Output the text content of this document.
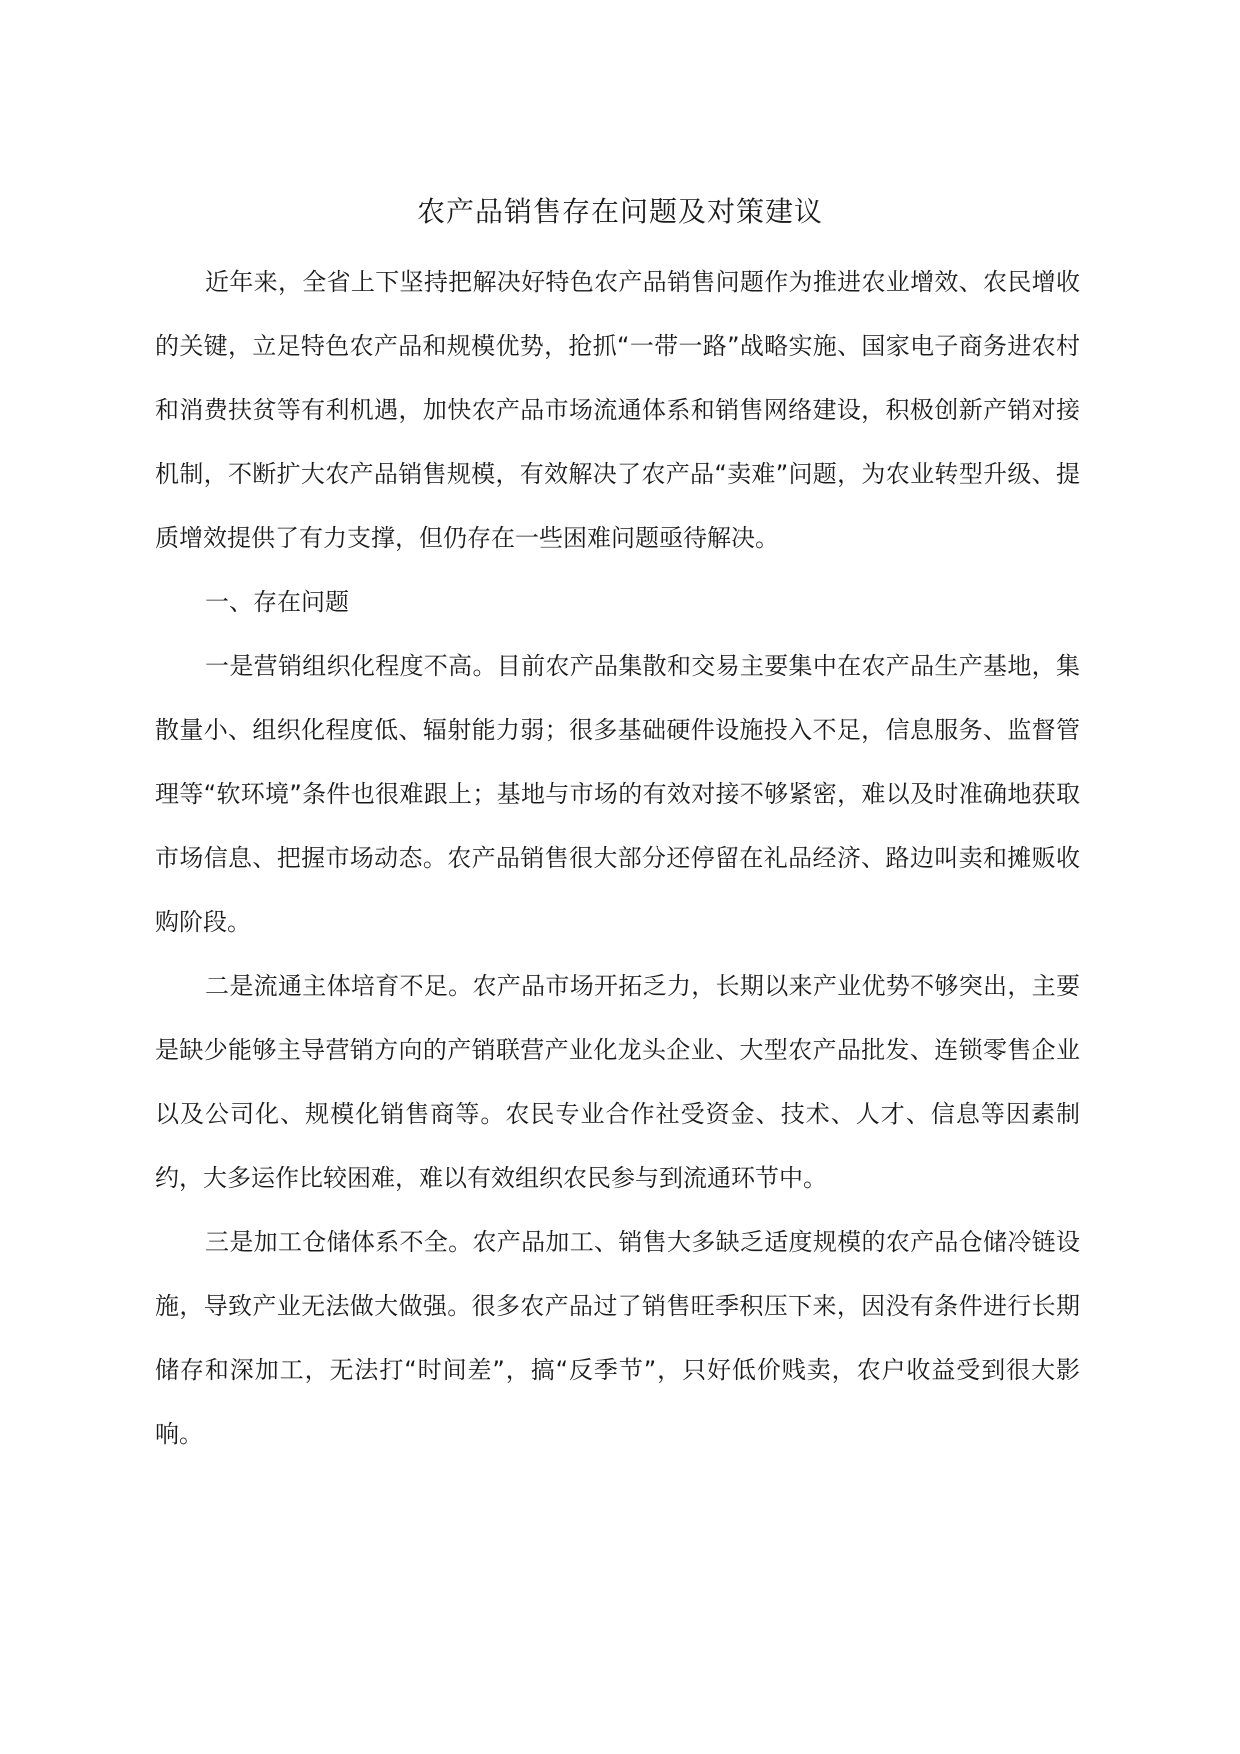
农产品销售存在问题及对策建议

近年来，全省上下坚持把解决好特色农产品销售问题作为推进农业增效、农民增收的关键，立足特色农产品和规模优势，抢抓“一带一路”战略实施、国家电子商务进农村和消费扶贫等有利机遇，加快农产品市场流通体系和销售网络建设，积极创新产销对接机制，不断扩大农产品销售规模，有效解决了农产品“卖难”问题，为农业转型升级、提质增效提供了有力支撑，但仍存在一些困难问题亟待解决。

一、存在问题

一是营销组织化程度不高。目前农产品集散和交易主要集中在农产品生产基地，集散量小、组织化程度低、辐射能力弱；很多基础硬件设施投入不足，信息服务、监督管理等“软环境”条件也很难跟上；基地与市场的有效对接不够紧密，难以及时准确地获取市场信息、把握市场动态。农产品销售很大部分还停留在礼品经济、路边叫卖和摊贩收购阶段。

二是流通主体培育不足。农产品市场开拓乏力，长期以来产业优势不够突出，主要是缺少能够主导营销方向的产销联营产业化龙头企业、大型农产品批发、连锁零售企业以及公司化、规模化销售商等。农民专业合作社受资金、技术、人才、信息等因素制约，大多运作比较困难，难以有效组织农民参与到流通环节中。

三是加工仓储体系不全。农产品加工、销售大多缺乏适度规模的农产品仓储冷链设施，导致产业无法做大做强。很多农产品过了销售旺季积压下来，因没有条件进行长期储存和深加工，无法打“时间差”，搞“反季节”，只好低价贱卖，农户收益受到很大影响。
